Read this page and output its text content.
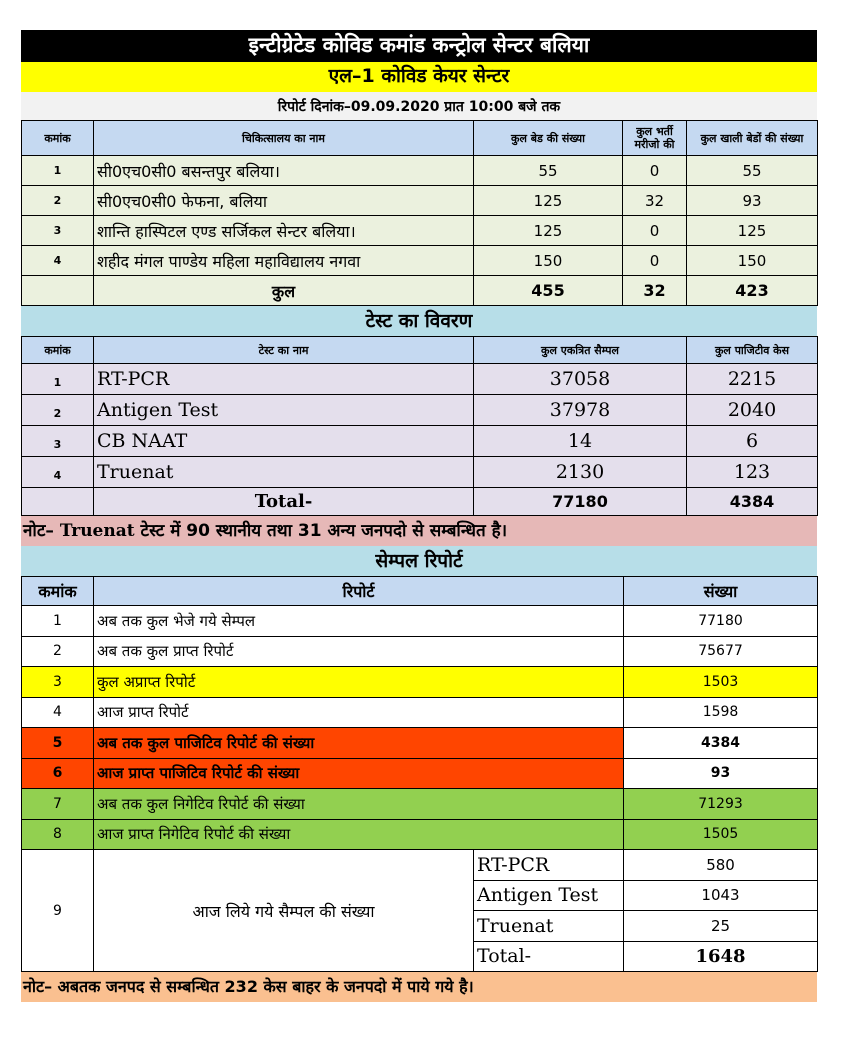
इन्टीग्रेटेड कोविड कमांड कन्ट्रोल सेन्टर बलिया
एल–1 कोविड केयर सेन्टर
रिपोर्ट दिनांक–09.09.2020 प्रात 10:00 बजे तक
कमांक	चिकित्सालय का नाम	कुल बेड की संख्या	कुल भर्ती मरीजो की	कुल खाली बेडों की संख्या
1	सी0एच0सी0 बसन्तपुर बलिया।	55	0	55
2	सी0एच0सी0 फेफना, बलिया	125	32	93
3	शान्ति हास्पिटल एण्ड सर्जिकल सेन्टर बलिया।	125	0	125
4	शहीद मंगल पाण्डेय महिला महाविद्यालय नगवा	150	0	150
	कुल	455	32	423
टेस्ट का विवरण
कमांक	टेस्ट का नाम	कुल एकत्रित सैम्पल	कुल पाजिटीव केस
1	RT-PCR	37058	2215
2	Antigen Test	37978	2040
3	CB NAAT	14	6
4	Truenat	2130	123
	Total-	77180	4384
नोट– Truenat टेस्ट में 90 स्थानीय तथा 31 अन्य जनपदो से सम्बन्धित है।
सेम्पल रिपोर्ट
कमांक	रिपोर्ट		संख्या
1	अब तक कुल भेजे गये सेम्पल		77180
2	अब तक कुल प्राप्त रिपोर्ट		75677
3	कुल अप्राप्त रिपोर्ट		1503
4	आज प्राप्त रिपोर्ट		1598
5	अब तक कुल पाजिटिव रिपोर्ट की संख्या		4384
6	आज प्राप्त पाजिटिव रिपोर्ट की संख्या		93
7	अब तक कुल निगेटिव रिपोर्ट की संख्या		71293
8	आज प्राप्त निगेटिव रिपोर्ट की संख्या		1505
9	आज लिये गये सैम्पल की संख्या	RT-PCR	580
		Antigen Test	1043
		Truenat	25
		Total-	1648
नोट– अबतक जनपद से सम्बन्धित 232 केस बाहर के जनपदो में पाये गये है।
